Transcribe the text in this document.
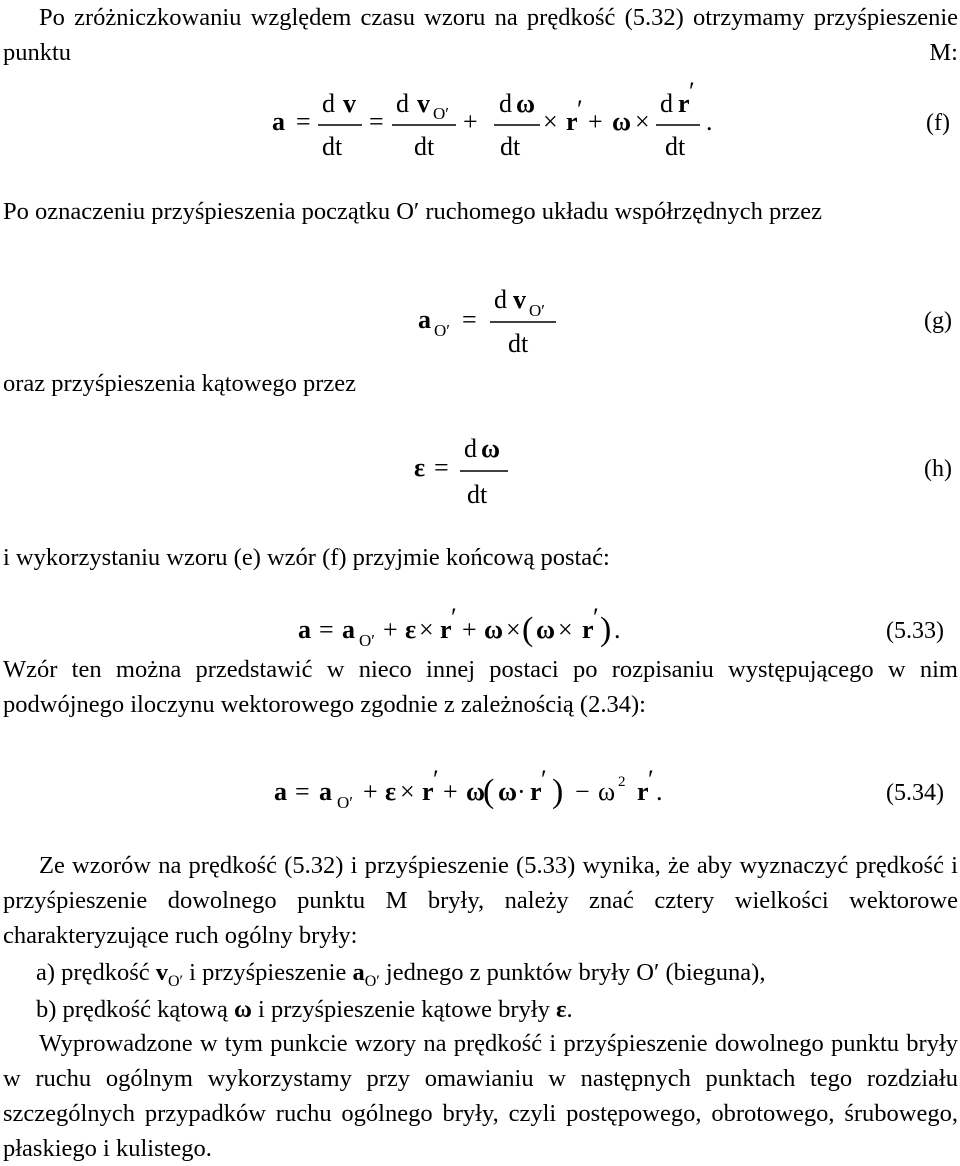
Po zróżniczkowaniu względem czasu wzoru na prędkość (5.32) otrzymamy przyśpieszenie punktu M:

Po oznaczeniu przyśpieszenia początku O′ ruchomego układu współrzędnych przez

oraz przyśpieszenia kątowego przez

i wykorzystaniu wzoru (e) wzór (f) przyjmie końcową postać:

Wzór ten można przedstawić w nieco innej postaci po rozpisaniu występującego w nim podwójnego iloczynu wektorowego zgodnie z zależnością (2.34):

Ze wzorów na prędkość (5.32) i przyśpieszenie (5.33) wynika, że aby wyznaczyć prędkość i przyśpieszenie dowolnego punktu M bryły, należy znać cztery wielkości wektorowe charakteryzujące ruch ogólny bryły:

a) prędkość $v_{O'}$ i przyśpieszenie $a_{O'}$ jednego z punktów bryły O′ (bieguna),

b) prędkość kątową ω i przyśpieszenie kątowe bryły ε.

Wyprowadzone w tym punkcie wzory na prędkość i przyśpieszenie dowolnego punktu bryły w ruchu ogólnym wykorzystamy przy omawianiu w następnych punktach tego rozdziału szczególnych przypadków ruchu ogólnego bryły, czyli postępowego, obrotowego, śrubowego, płaskiego i kulistego.

a =
d v
dt
=
d v O′
dt
+
d ω
dt
× r ′ + ω ×
d r ′
dt
.	(f)
a O′ =
d v O′
dt
(g)
ε =
d ω
dt
(h)
a = a O′ + ε × r ′ + ω × ( ω × r ′ ) .	(5.33)
a = a O′ + ε × r ′ + ω
( ω · r ′ ) − ω 2 r ′ .	(5.34)
